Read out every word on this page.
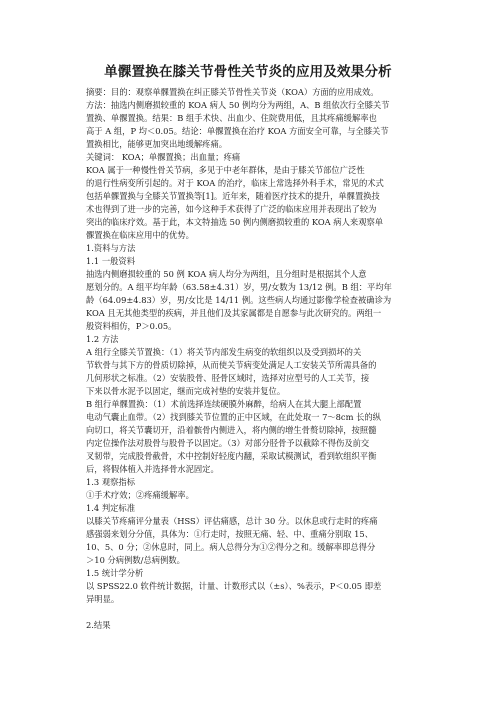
单髁置换在膝关节骨性关节炎的应用及效果分析
摘要：目的：观察单髁置换在纠正膝关节骨性关节炎（KOA）方面的应用成效。
方法：抽选内侧磨损较重的 KOA 病人 50 例均分为两组，A、B 组依次行全膝关节
置换、单髁置换。结果：B 组手术快、出血少、住院费用低，且其疼痛缓解率也
高于 A 组，P 均＜0.05。结论：单髁置换在治疗 KOA 方面安全可靠，与全膝关节
置换相比，能够更加突出地缓解疼痛。
关键词： KOA；单髁置换；出血量；疼痛
KOA 属于一种慢性骨关节病，多见于中老年群体，是由于膝关节部位广泛性
的退行性病变所引起的。对于 KOA 的治疗，临床上常选择外科手术，常见的术式
包括单髁置换与全膝关节置换等[1]。近年来，随着医疗技术的提升，单髁置换技
术也得到了进一步的完善，如今这种手术获得了广泛的临床应用并表现出了较为
突出的临床疗效。基于此，本文特抽选 50 例内侧磨损较重的 KOA 病人来观察单
髁置换在临床应用中的优势。
1.资料与方法
1.1 一般资料
抽选内侧磨损较重的 50 例 KOA 病人均分为两组，且分组时是根据其个人意
愿划分的。A 组平均年龄（63.58±4.31）岁，男/女数为 13/12 例。B 组：平均年
龄（64.09±4.83）岁，男/女比是 14/11 例。这些病人均通过影像学检查被确诊为
KOA 且无其他类型的疾病，并且他们及其家属都是自愿参与此次研究的。两组一
般资料相仿，P＞0.05。
1.2 方法
A 组行全膝关节置换：（1）将关节内部发生病变的软组织以及受到损坏的关
节软骨与其下方的骨质切除掉，从而使关节病变处满足人工安装关节所需具备的
几何形状之标准。（2）安装股骨、胫骨区域时，选择对应型号的人工关节，接
下来以骨水泥予以固定，继而完成衬垫的安装并复位。
B 组行单髁置换：（1）术前选择连续硬膜外麻醉，给病人在其大腿上部配置
电动气囊止血带。（2）找到膝关节位置的正中区域，在此处取一 7～8cm 长的纵
向切口，将关节囊切开，沿着髌骨内侧进入，将内侧的增生骨赘切除掉，按照髓
内定位操作法对股骨与股骨予以固定。（3）对部分胫骨予以截除不得伤及前交
叉韧带，完成股骨截骨，术中控制好轻度内翻，采取试模测试，看到软组织平衡
后，将假体植入并选择骨水泥固定。
1.3 观察指标
①手术疗效；②疼痛缓解率。
1.4 判定标准
以膝关节疼痛评分量表（HSS）评估痛感，总计 30 分。以休息或行走时的疼痛
感强弱来划分分值，具体为：①行走时，按照无痛、轻、中、重痛分别取 15、
10、5、0 分；②休息时，同上。病人总得分为①②得分之和。缓解率即总得分
＞10 分病例数/总病例数。
1.5 统计学分析
以 SPSS22.0 软件统计数据，计量、计数形式以（±s）、%表示，P＜0.05 即差
异明显。
2.结果
